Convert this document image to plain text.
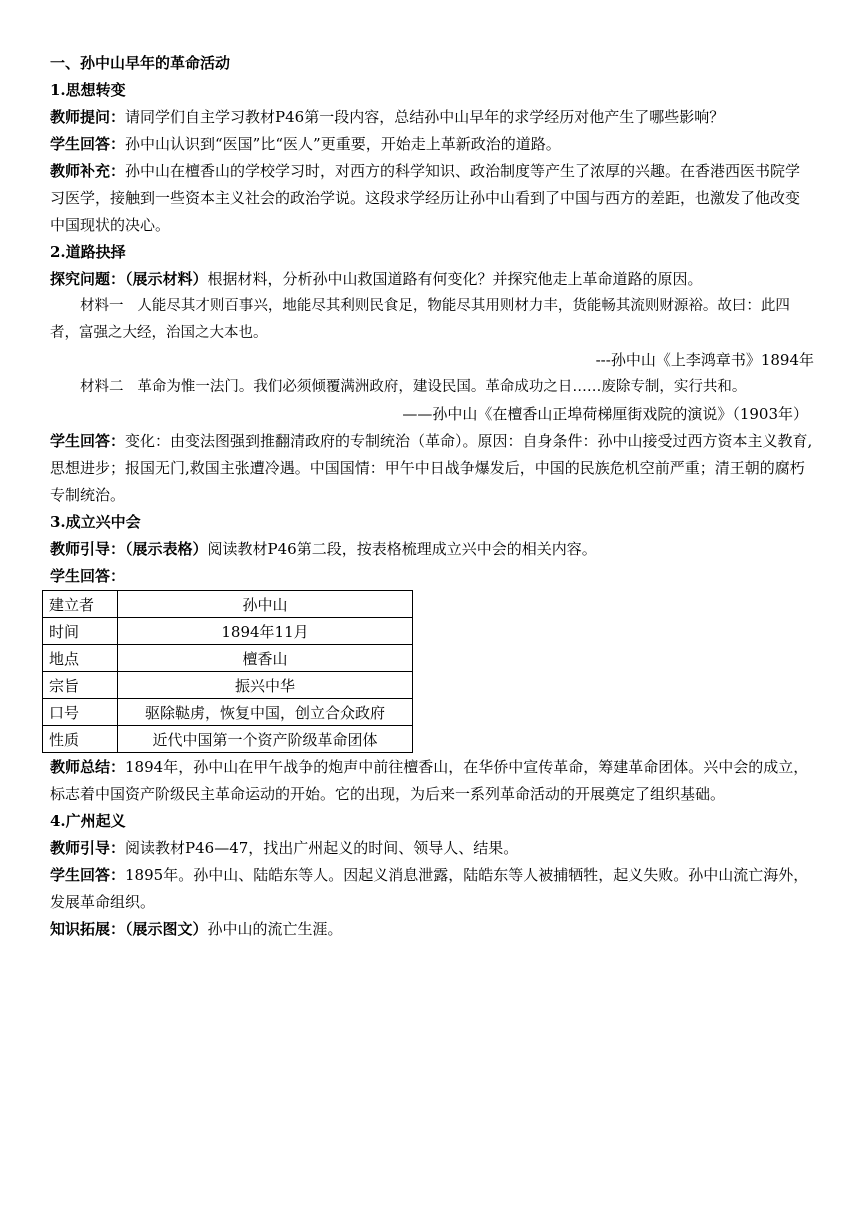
一、孙中山早年的革命活动

1.思想转变

教师提问：请同学们自主学习教材P46第一段内容，总结孙中山早年的求学经历对他产生了哪些影响？

学生回答：孙中山认识到“医国”比“医人”更重要，开始走上革新政治的道路。

教师补充：孙中山在檀香山的学校学习时，对西方的科学知识、政治制度等产生了浓厚的兴趣。在香港西医书院学习医学，接触到一些资本主义社会的政治学说。这段求学经历让孙中山看到了中国与西方的差距，也激发了他改变中国现状的决心。

2.道路抉择

探究问题：（展示材料）根据材料，分析孙中山救国道路有何变化？并探究他走上革命道路的原因。

材料一 人能尽其才则百事兴，地能尽其利则民食足，物能尽其用则材力丰，货能畅其流则财源裕。故曰：此四者，富强之大经，治国之大本也。

---孙中山《上李鸿章书》1894年

材料二 革命为惟一法门。我们必须倾覆满洲政府，建设民国。革命成功之日……废除专制，实行共和。

——孙中山《在檀香山正埠荷梯厘街戏院的演说》（1903年）

学生回答：变化：由变法图强到推翻清政府的专制统治（革命）。原因：自身条件：孙中山接受过西方资本主义教育,思想进步；报国无门,救国主张遭冷遇。中国国情：甲午中日战争爆发后，中国的民族危机空前严重；清王朝的腐朽专制统治。

3.成立兴中会

教师引导：（展示表格）阅读教材P46第二段，按表格梳理成立兴中会的相关内容。

学生回答：

建立者	孙中山
时间	1894年11月
地点	檀香山
宗旨	振兴中华
口号	驱除鞑虏，恢复中国，创立合众政府
性质	近代中国第一个资产阶级革命团体

教师总结：1894年，孙中山在甲午战争的炮声中前往檀香山，在华侨中宣传革命，筹建革命团体。兴中会的成立，标志着中国资产阶级民主革命运动的开始。它的出现，为后来一系列革命活动的开展奠定了组织基础。

4.广州起义

教师引导：阅读教材P46—47，找出广州起义的时间、领导人、结果。

学生回答：1895年。孙中山、陆皓东等人。因起义消息泄露，陆皓东等人被捕牺牲，起义失败。孙中山流亡海外，发展革命组织。

知识拓展：（展示图文）孙中山的流亡生涯。
